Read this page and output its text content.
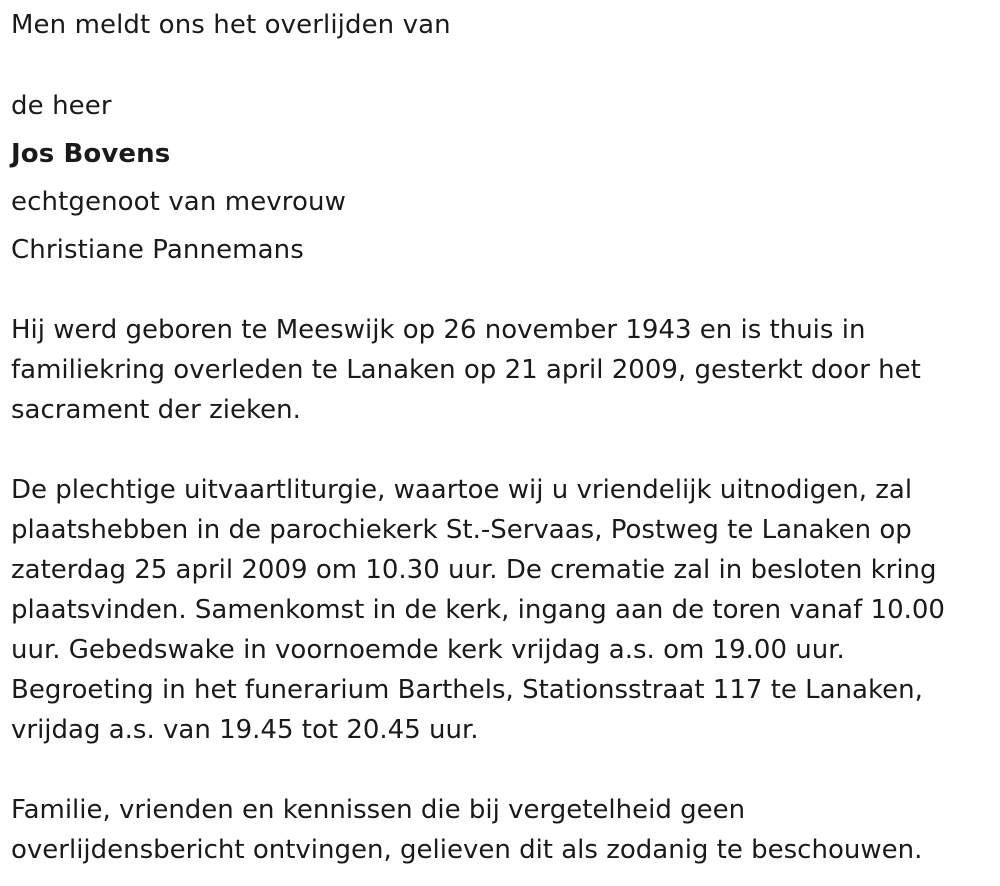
Men meldt ons het overlijden van
de heer
Jos Bovens
echtgenoot van mevrouw
Christiane Pannemans

Hij werd geboren te Meeswijk op 26 november 1943 en is thuis in
familiekring overleden te Lanaken op 21 april 2009, gesterkt door het
sacrament der zieken.

De plechtige uitvaartliturgie, waartoe wij u vriendelijk uitnodigen, zal
plaatshebben in de parochiekerk St.-Servaas, Postweg te Lanaken op
zaterdag 25 april 2009 om 10.30 uur. De crematie zal in besloten kring
plaatsvinden. Samenkomst in de kerk, ingang aan de toren vanaf 10.00
uur. Gebedswake in voornoemde kerk vrijdag a.s. om 19.00 uur.
Begroeting in het funerarium Barthels, Stationsstraat 117 te Lanaken,
vrijdag a.s. van 19.45 tot 20.45 uur.

Familie, vrienden en kennissen die bij vergetelheid geen
overlijdensbericht ontvingen, gelieven dit als zodanig te beschouwen.
